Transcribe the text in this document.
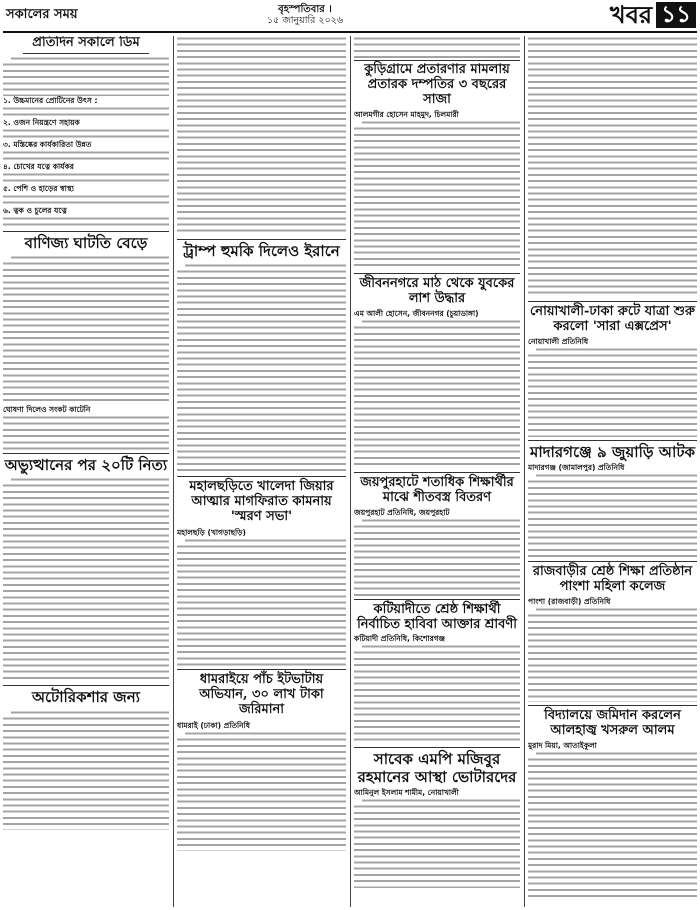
সকালের সময়	বৃহস্পতিবার ।
১৫ জানুয়ারি ২০২৬	খবর ১১
প্রতিদিন সকালে ডিম
১. উচ্চমানের প্রোটিনের উৎস :
২. ওজন নিয়ন্ত্রণে সহায়ক
৩. মস্তিষ্কের কার্যকারিতা উন্নত
৪. চোখের যত্নে কার্যকর
৫. পেশি ও হাড়ের স্বাস্থ্য
৬. ত্বক ও চুলের যত্নে
বাণিজ্য ঘাটতি বেড়ে
ঘোষণা দিলেও সংকট কাটেনি
অভ্যুত্থানের পর ২০টি নিত্য
অটোরিকশার জন্য
ট্রাম্প হুমকি দিলেও ইরানে
মহালছড়িতে খালেদা জিয়ার আত্মার মাগফিরাত কামনায় 'স্মরণ সভা'
মহালছড়ি (খাগড়াছড়ি)
ধামরাইয়ে পাঁচ ইটভাটায় অভিযান, ৩০ লাখ টাকা জরিমানা
ধামরাই (ঢাকা) প্রতিনিধি
কুড়িগ্রামে প্রতারণার মামলায় প্রতারক দম্পতির ৩ বছরের সাজা
আলমগীর হোসেন মাহমুদ, চিলমারী
জীবননগরে মাঠ থেকে যুবকের লাশ উদ্ধার
এম আলী হোসেন, জীবননগর (চুয়াডাঙ্গা)
জয়পুরহাটে শতাধিক শিক্ষার্থীর মাঝে শীতবস্ত্র বিতরণ
জয়পুরহাট প্রতিনিধি, জয়পুরহাট
কটিয়াদীতে শ্রেষ্ঠ শিক্ষার্থী নির্বাচিত হাবিবা আক্তার শ্রাবণী
কটিয়াদী প্রতিনিধি, কিশোরগঞ্জ
সাবেক এমপি মজিবুর রহমানের আস্থা ভোটারদের
আমিনুল ইসলাম শামীম, নোয়াখালী
নোয়াখালী-ঢাকা রুটে যাত্রা শুরু করলো 'সারা এক্সপ্রেস'
নোয়াখালী প্রতিনিধি
মাদারগঞ্জে ৯ জুয়াড়ি আটক
মাদারগঞ্জ (জামালপুর) প্রতিনিধি
রাজবাড়ীর শ্রেষ্ঠ শিক্ষা প্রতিষ্ঠান পাংশা মহিলা কলেজ
পাংশা (রাজবাড়ী) প্রতিনিধি
বিদ্যালয়ে জমিদান করলেন আলহাজ্ব খসরুল আলম
মুরাদ মিয়া, আতাইকুলা
